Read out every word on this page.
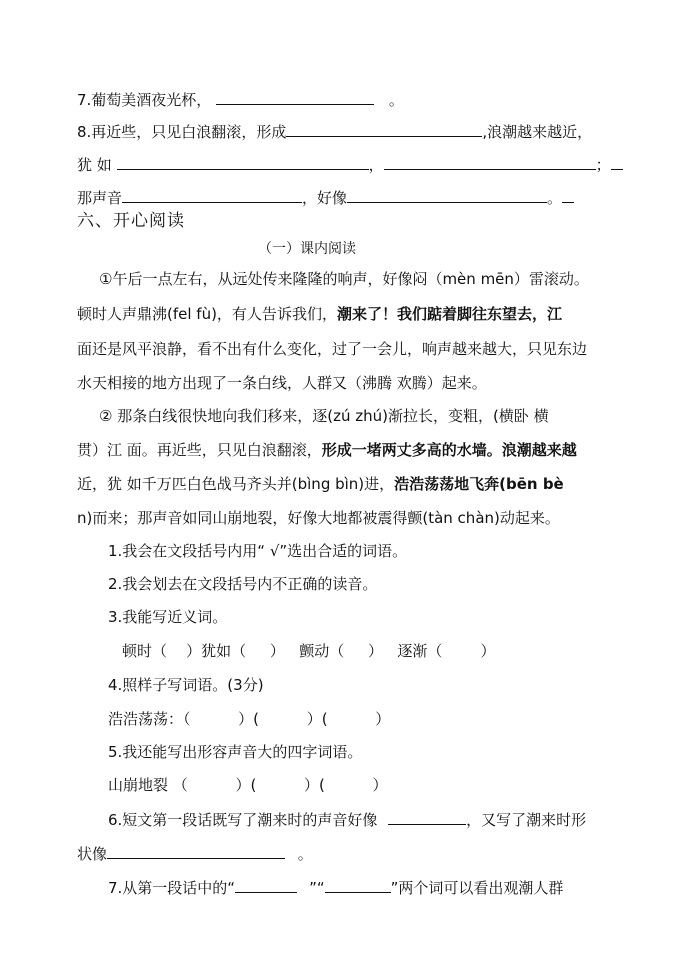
7.葡萄美酒夜光杯，	。
8.再近些，只见白浪翻滚，形成	,浪潮越来越近，
犹 如	，	；
那声音	，好像	。
六、开心阅读
（一）课内阅读
①午后一点左右，从远处传来隆隆的响声，好像闷（mèn mēn）雷滚动。
顿时人声鼎沸(fel fù)，有人告诉我们，潮来了！我们踮着脚往东望去，江
面还是风平浪静，看不出有什么变化，过了一会儿，响声越来越大，只见东边
水天相接的地方出现了一条白线，人群又（沸腾 欢腾）起来。
② 那条白线很快地向我们移来，逐(zú zhú)渐拉长，变粗，(横卧 横
贯）江 面。再近些，只见白浪翻滚，形成一堵两丈多高的水墙。浪潮越来越
近，犹 如千万匹白色战马齐头并(bìng bìn)进，浩浩荡荡地飞奔(bēn bè
n)而来；那声音如同山崩地裂，好像大地都被震得颤(tàn chàn)动起来。
1.我会在文段括号内用“ √”选出合适的词语。
2.我会划去在文段括号内不正确的读音。
3.我能写近义词。
顿时（    ）犹如（     ）   颤动（     ）   逐渐（        ）
4.照样子写词语。(3分)
浩浩荡荡：（          ）(          ）(          ）
5.我还能写出形容声音大的四字词语。
山崩地裂 （          ）(          ）(          ）
6.短文第一段话既写了潮来时的声音好像	，又写了潮来时形
状像	。
7.从第一段话中的“	”“	”两个词可以看出观潮人群
